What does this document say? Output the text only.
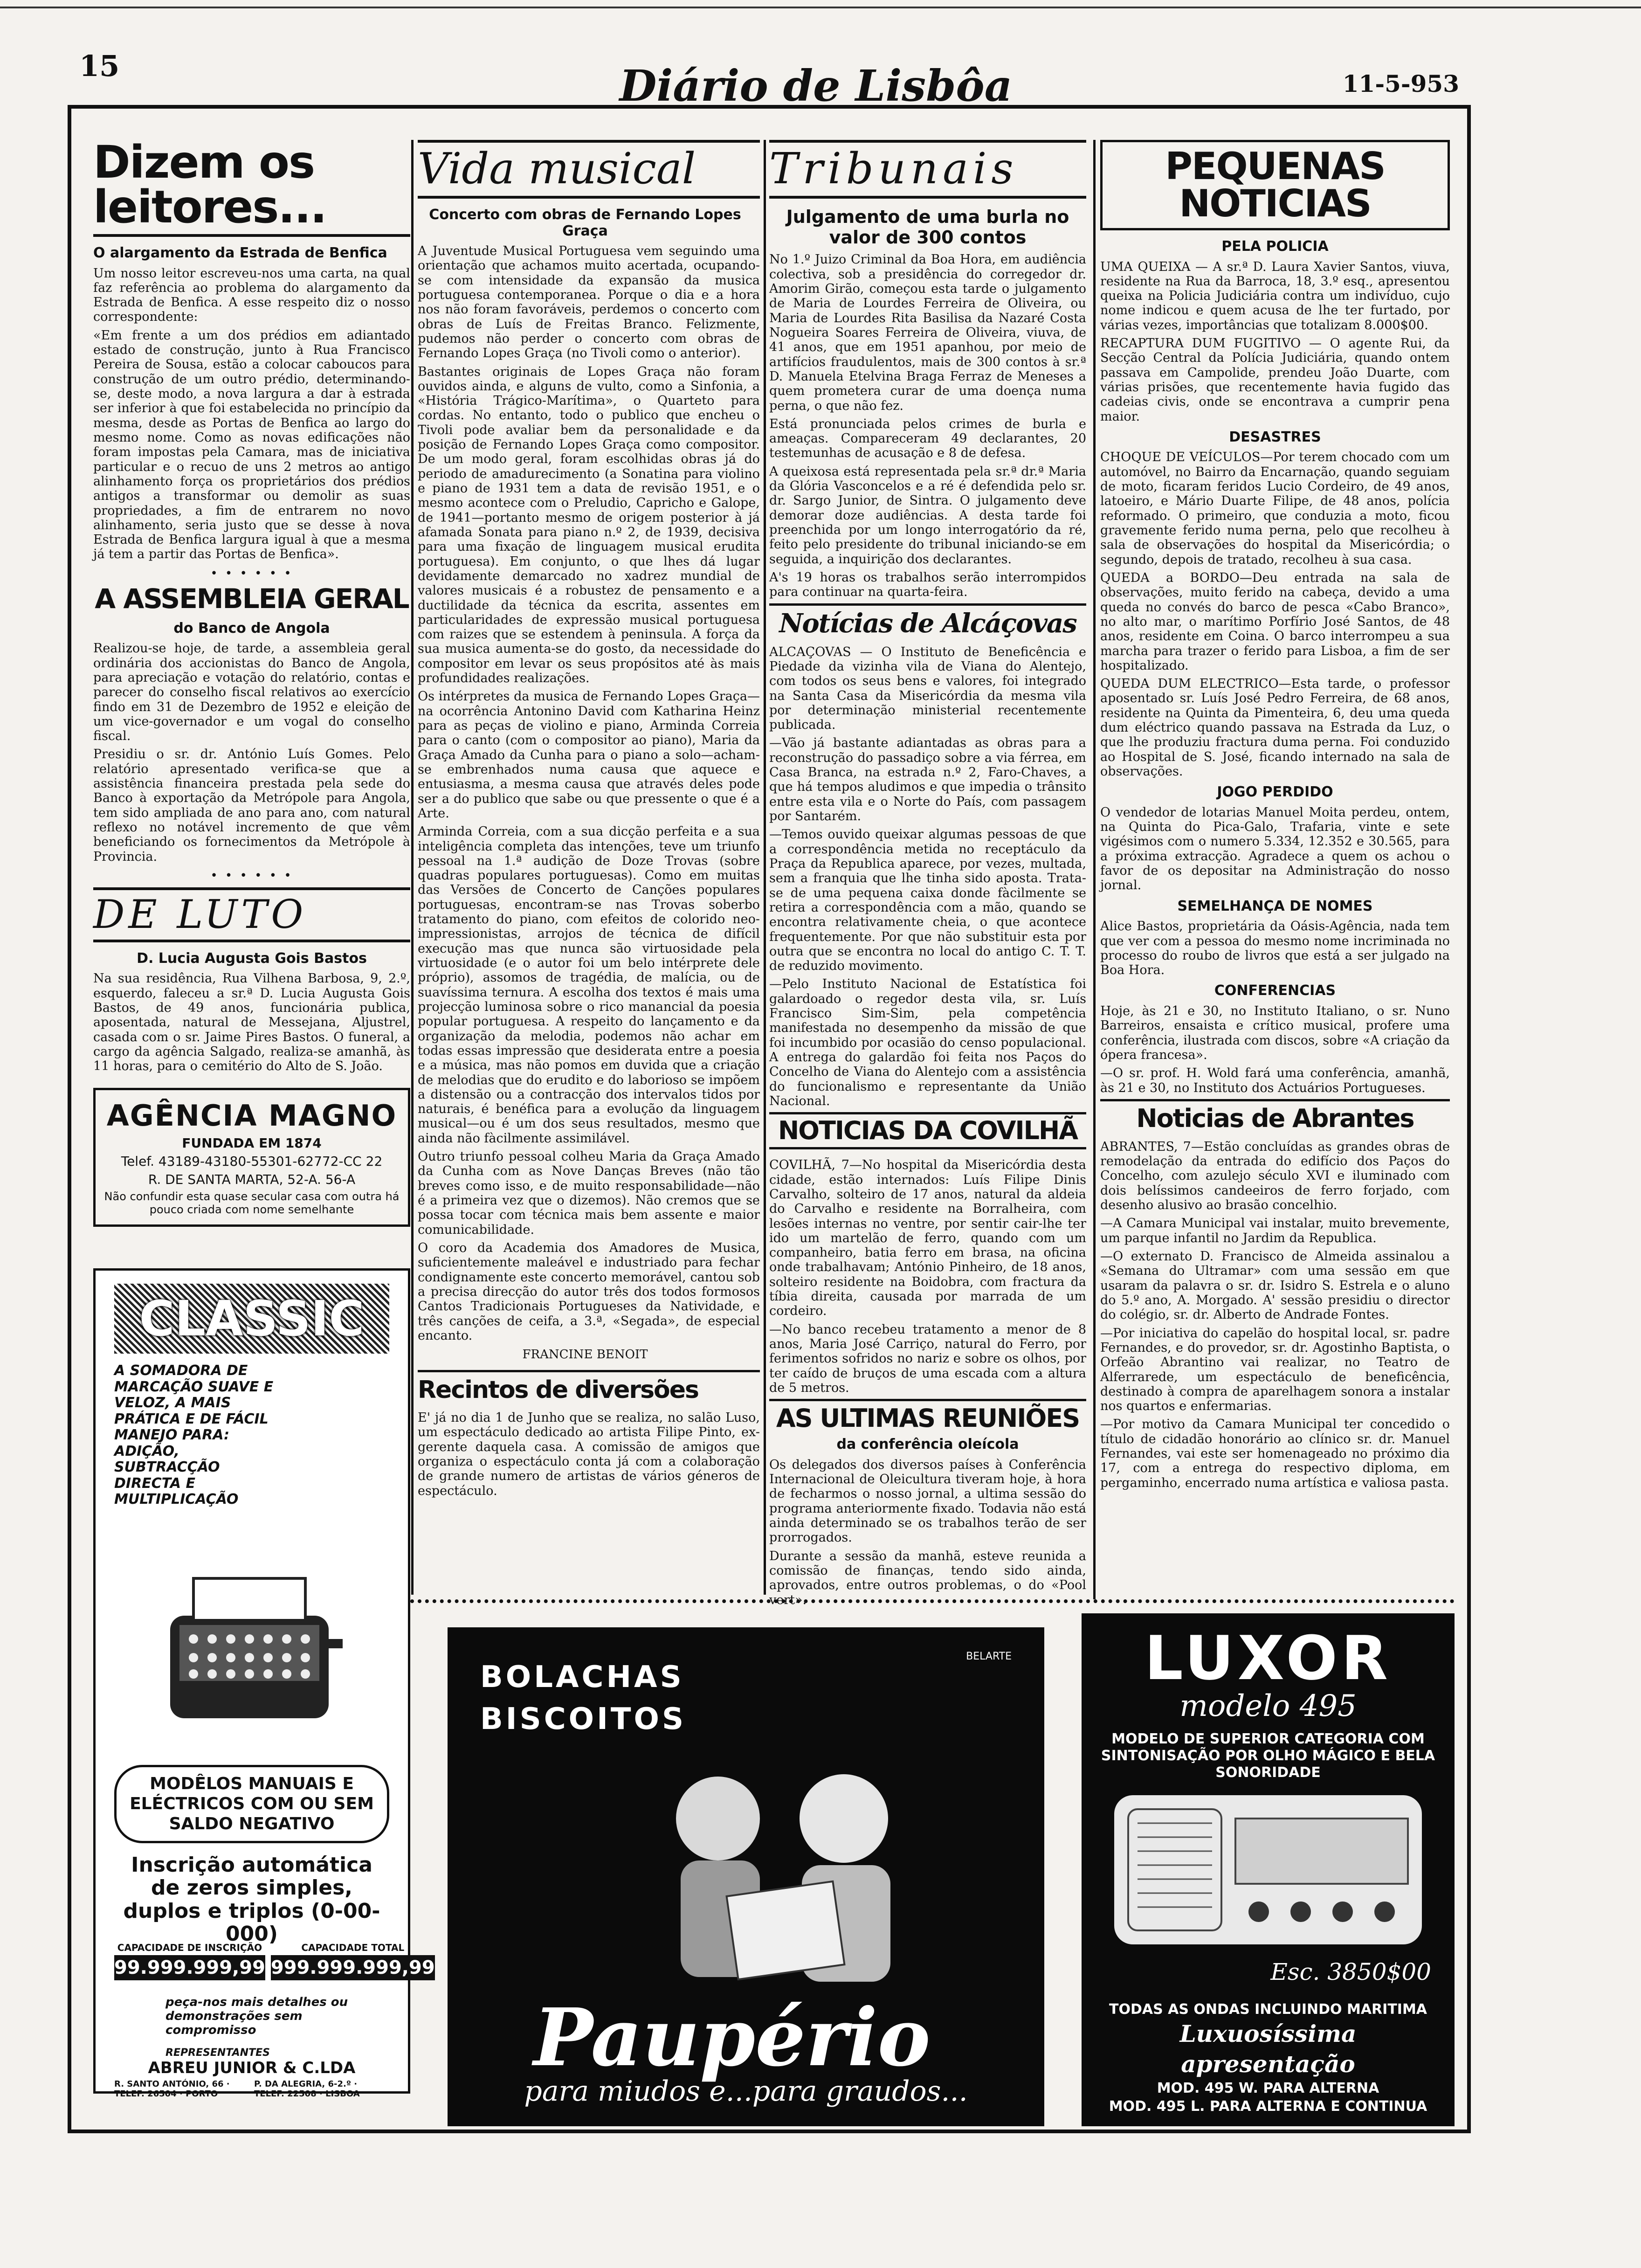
15	Diário de Lisbôa	11-5-953
Dizem os leitores...
O alargamento da Estrada de Benfica

Um nosso leitor escreveu-nos uma carta, na qual faz referência ao problema do alargamento da Estrada de Benfica. A esse respeito diz o nosso correspondente:

«Em frente a um dos prédios em adiantado estado de construção, junto à Rua Francisco Pereira de Sousa, estão a colocar caboucos para construção de um outro prédio, determinando-se, deste modo, a nova largura a dar à estrada ser inferior à que foi estabelecida no princípio da mesma, desde as Portas de Benfica ao largo do mesmo nome. Como as novas edificações não foram impostas pela Camara, mas de iniciativa particular e o recuo de uns 2 metros ao antigo alinhamento força os proprietários dos prédios antigos a transformar ou demolir as suas propriedades, a fim de entrarem no novo alinhamento, seria justo que se desse à nova Estrada de Benfica largura igual à que a mesma já tem a partir das Portas de Benfica».

• • • • • •
A ASSEMBLEIA GERAL
do Banco de Angola

Realizou-se hoje, de tarde, a assembleia geral ordinária dos accionistas do Banco de Angola, para apreciação e votação do relatório, contas e parecer do conselho fiscal relativos ao exercício findo em 31 de Dezembro de 1952 e eleição de um vice-governador e um vogal do conselho fiscal.

Presidiu o sr. dr. António Luís Gomes. Pelo relatório apresentado verifica-se que a assistência financeira prestada pela sede do Banco à exportação da Metrópole para Angola, tem sido ampliada de ano para ano, com natural reflexo no notável incremento de que vêm beneficiando os fornecimentos da Metrópole à Provincia.

• • • • • •
DE LUTO
D. Lucia Augusta Gois Bastos

Na sua residência, Rua Vilhena Barbosa, 9, 2.º, esquerdo, faleceu a sr.ª D. Lucia Augusta Gois Bastos, de 49 anos, funcionária publica, aposentada, natural de Messejana, Aljustrel, casada com o sr. Jaime Pires Bastos. O funeral, a cargo da agência Salgado, realiza-se amanhã, às 11 horas, para o cemitério do Alto de S. João.

AGÊNCIA MAGNO
FUNDADA EM 1874
Telef. 43189-43180-55301-62772-CC 22
R. DE SANTA MARTA, 52-A. 56-A
Não confundir esta quase secular casa com outra há pouco criada com nome semelhante
CLASSIC
A SOMADORA DE MARCAÇÃO SUAVE E VELOZ, A MAIS PRÁTICA E DE FÁCIL MANEJO PARA: ADIÇÃO, SUBTRACÇÃO DIRECTA E MULTIPLICAÇÃO
MODÊLOS MANUAIS E ELÉCTRICOS COM OU SEM SALDO NEGATIVO
Inscrição automática de zeros simples, duplos e triplos (0-00-000)
CAPACIDADE DE INSCRIÇÃO
99.999.999,99
CAPACIDADE TOTAL
999.999.999,99
peça-nos mais detalhes ou demonstrações sem compromisso
REPRESENTANTES
ABREU JUNIOR & C.LDA
R. SANTO ANTÓNIO, 66 · TELEF. 26504 · PORTO
P. DA ALEGRIA, 6-2.º · TELEF. 22508 · LISBOA
Vida musical
Concerto com obras de Fernando Lopes Graça

A Juventude Musical Portuguesa vem seguindo uma orientação que achamos muito acertada, ocupando-se com intensidade da expansão da musica portuguesa contemporanea. Porque o dia e a hora nos não foram favoráveis, perdemos o concerto com obras de Luís de Freitas Branco. Felizmente, pudemos não perder o concerto com obras de Fernando Lopes Graça (no Tivoli como o anterior).

Bastantes originais de Lopes Graça não foram ouvidos ainda, e alguns de vulto, como a Sinfonia, a «História Trágico-Marítima», o Quarteto para cordas. No entanto, todo o publico que encheu o Tivoli pode avaliar bem da personalidade e da posição de Fernando Lopes Graça como compositor. De um modo geral, foram escolhidas obras já do periodo de amadurecimento (a Sonatina para violino e piano de 1931 tem a data de revisão 1951, e o mesmo acontece com o Preludio, Capricho e Galope, de 1941—portanto mesmo de origem posterior à já afamada Sonata para piano n.º 2, de 1939, decisiva para uma fixação de linguagem musical erudita portuguesa). Em conjunto, o que lhes dá lugar devidamente demarcado no xadrez mundial de valores musicais é a robustez de pensamento e a ductilidade da técnica da escrita, assentes em particularidades de expressão musical portuguesa com raizes que se estendem à peninsula. A força da sua musica aumenta-se do gosto, da necessidade do compositor em levar os seus propósitos até às mais profundidades realizações.

Os intérpretes da musica de Fernando Lopes Graça—na ocorrência Antonino David com Katharina Heinz para as peças de violino e piano, Arminda Correia para o canto (com o compositor ao piano), Maria da Graça Amado da Cunha para o piano a solo—acham-se embrenhados numa causa que aquece e entusiasma, a mesma causa que através deles pode ser a do publico que sabe ou que pressente o que é a Arte.

Arminda Correia, com a sua dicção perfeita e a sua inteligência completa das intenções, teve um triunfo pessoal na 1.ª audição de Doze Trovas (sobre quadras populares portuguesas). Como em muitas das Versões de Concerto de Canções populares portuguesas, encontram-se nas Trovas soberbo tratamento do piano, com efeitos de colorido neo-impressionistas, arrojos de técnica de difícil execução mas que nunca são virtuosidade pela virtuosidade (e o autor foi um belo intérprete dele próprio), assomos de tragédia, de malícia, ou de suavíssima ternura. A escolha dos textos é mais uma projecção luminosa sobre o rico manancial da poesia popular portuguesa. A respeito do lançamento e da organização da melodia, podemos não achar em todas essas impressão que desiderata entre a poesia e a música, mas não pomos em duvida que a criação de melodias que do erudito e do laborioso se impõem a distensão ou a contracção dos intervalos tidos por naturais, é benéfica para a evolução da linguagem musical—ou é um dos seus resultados, mesmo que ainda não fàcilmente assimilável.

Outro triunfo pessoal colheu Maria da Graça Amado da Cunha com as Nove Danças Breves (não tão breves como isso, e de muito responsabilidade—não é a primeira vez que o dizemos). Não cremos que se possa tocar com técnica mais bem assente e maior comunicabilidade.

O coro da Academia dos Amadores de Musica, suficientemente maleável e industriado para fechar condignamente este concerto memorável, cantou sob a precisa direcção do autor três dos todos formosos Cantos Tradicionais Portugueses da Natividade, e três canções de ceifa, a 3.ª, «Segada», de especial encanto.

FRANCINE BENOIT
Recintos de diversões

E' já no dia 1 de Junho que se realiza, no salão Luso, um espectáculo dedicado ao artista Filipe Pinto, ex-gerente daquela casa. A comissão de amigos que organiza o espectáculo conta já com a colaboração de grande numero de artistas de vários géneros de espectáculo.

Tribunais
Julgamento de uma burla no valor de 300 contos

No 1.º Juizo Criminal da Boa Hora, em audiência colectiva, sob a presidência do corregedor dr. Amorim Girão, começou esta tarde o julgamento de Maria de Lourdes Ferreira de Oliveira, ou Maria de Lourdes Rita Basilisa da Nazaré Costa Nogueira Soares Ferreira de Oliveira, viuva, de 41 anos, que em 1951 apanhou, por meio de artifícios fraudulentos, mais de 300 contos à sr.ª D. Manuela Etelvina Braga Ferraz de Meneses a quem prometera curar de uma doença numa perna, o que não fez.

Está pronunciada pelos crimes de burla e ameaças. Compareceram 49 declarantes, 20 testemunhas de acusação e 8 de defesa.

A queixosa está representada pela sr.ª dr.ª Maria da Glória Vasconcelos e a ré é defendida pelo sr. dr. Sargo Junior, de Sintra. O julgamento deve demorar doze audiências. A desta tarde foi preenchida por um longo interrogatório da ré, feito pelo presidente do tribunal iniciando-se em seguida, a inquirição dos declarantes.

A's 19 horas os trabalhos serão interrompidos para continuar na quarta-feira.

Notícias de Alcáçovas

ALCAÇOVAS — O Instituto de Beneficência e Piedade da vizinha vila de Viana do Alentejo, com todos os seus bens e valores, foi integrado na Santa Casa da Misericórdia da mesma vila por determinação ministerial recentemente publicada.

—Vão já bastante adiantadas as obras para a reconstrução do passadiço sobre a via férrea, em Casa Branca, na estrada n.º 2, Faro-Chaves, a que há tempos aludimos e que impedia o trânsito entre esta vila e o Norte do País, com passagem por Santarém.

—Temos ouvido queixar algumas pessoas de que a correspondência metida no receptáculo da Praça da Republica aparece, por vezes, multada, sem a franquia que lhe tinha sido aposta. Trata-se de uma pequena caixa donde fàcilmente se retira a correspondência com a mão, quando se encontra relativamente cheia, o que acontece frequentemente. Por que não substituir esta por outra que se encontra no local do antigo C. T. T. de reduzido movimento.

—Pelo Instituto Nacional de Estatística foi galardoado o regedor desta vila, sr. Luís Francisco Sim-Sim, pela competência manifestada no desempenho da missão de que foi incumbido por ocasião do censo populacional. A entrega do galardão foi feita nos Paços do Concelho de Viana do Alentejo com a assistência do funcionalismo e representante da União Nacional.

NOTICIAS DA COVILHÃ

COVILHÃ, 7—No hospital da Misericórdia desta cidade, estão internados: Luís Filipe Dinis Carvalho, solteiro de 17 anos, natural da aldeia do Carvalho e residente na Borralheira, com lesões internas no ventre, por sentir cair-lhe ter ido um martelão de ferro, quando com um companheiro, batia ferro em brasa, na oficina onde trabalhavam; António Pinheiro, de 18 anos, solteiro residente na Boidobra, com fractura da tíbia direita, causada por marrada de um cordeiro.

—No banco recebeu tratamento a menor de 8 anos, Maria José Carriço, natural do Ferro, por ferimentos sofridos no nariz e sobre os olhos, por ter caído de bruços de uma escada com a altura de 5 metros.

AS ULTIMAS REUNIÕES
da conferência oleícola

Os delegados dos diversos países à Conferência Internacional de Oleicultura tiveram hoje, à hora de fecharmos o nosso jornal, a ultima sessão do programa anteriormente fixado. Todavia não está ainda determinado se os trabalhos terão de ser prorrogados.

Durante a sessão da manhã, esteve reunida a comissão de finanças, tendo sido ainda, aprovados, entre outros problemas, o do «Pool vert».

PEQUENAS NOTICIAS
PELA POLICIA

UMA QUEIXA — A sr.ª D. Laura Xavier Santos, viuva, residente na Rua da Barroca, 18, 3.º esq., apresentou queixa na Policia Judiciária contra um indivíduo, cujo nome indicou e quem acusa de lhe ter furtado, por várias vezes, importâncias que totalizam 8.000$00.

RECAPTURA DUM FUGITIVO — O agente Rui, da Secção Central da Polícia Judiciária, quando ontem passava em Campolide, prendeu João Duarte, com várias prisões, que recentemente havia fugido das cadeias civis, onde se encontrava a cumprir pena maior.

DESASTRES

CHOQUE DE VEÍCULOS—Por terem chocado com um automóvel, no Bairro da Encarnação, quando seguiam de moto, ficaram feridos Lucio Cordeiro, de 49 anos, latoeiro, e Mário Duarte Filipe, de 48 anos, polícia reformado. O primeiro, que conduzia a moto, ficou gravemente ferido numa perna, pelo que recolheu à sala de observações do hospital da Misericórdia; o segundo, depois de tratado, recolheu à sua casa.

QUEDA a BORDO—Deu entrada na sala de observações, muito ferido na cabeça, devido a uma queda no convés do barco de pesca «Cabo Branco», no alto mar, o marítimo Porfírio José Santos, de 48 anos, residente em Coina. O barco interrompeu a sua marcha para trazer o ferido para Lisboa, a fim de ser hospitalizado.

QUEDA DUM ELECTRICO—Esta tarde, o professor aposentado sr. Luís José Pedro Ferreira, de 68 anos, residente na Quinta da Pimenteira, 6, deu uma queda dum eléctrico quando passava na Estrada da Luz, o que lhe produziu fractura duma perna. Foi conduzido ao Hospital de S. José, ficando internado na sala de observações.

JOGO PERDIDO

O vendedor de lotarias Manuel Moita perdeu, ontem, na Quinta do Pica-Galo, Trafaria, vinte e sete vigésimos com o numero 5.334, 12.352 e 30.565, para a próxima extracção. Agradece a quem os achou o favor de os depositar na Administração do nosso jornal.

SEMELHANÇA DE NOMES

Alice Bastos, proprietária da Oásis-Agência, nada tem que ver com a pessoa do mesmo nome incriminada no processo do roubo de livros que está a ser julgado na Boa Hora.

CONFERENCIAS

Hoje, às 21 e 30, no Instituto Italiano, o sr. Nuno Barreiros, ensaista e crítico musical, profere uma conferência, ilustrada com discos, sobre «A criação da ópera francesa».

—O sr. prof. H. Wold fará uma conferência, amanhã, às 21 e 30, no Instituto dos Actuários Portugueses.

Noticias de Abrantes

ABRANTES, 7—Estão concluídas as grandes obras de remodelação da entrada do edifício dos Paços do Concelho, com azulejo século XVI e iluminado com dois belíssimos candeeiros de ferro forjado, com desenho alusivo ao brasão concelhio.

—A Camara Municipal vai instalar, muito brevemente, um parque infantil no Jardim da Republica.

—O externato D. Francisco de Almeida assinalou a «Semana do Ultramar» com uma sessão em que usaram da palavra o sr. dr. Isidro S. Estrela e o aluno do 5.º ano, A. Morgado. A' sessão presidiu o director do colégio, sr. dr. Alberto de Andrade Fontes.

—Por iniciativa do capelão do hospital local, sr. padre Fernandes, e do provedor, sr. dr. Agostinho Baptista, o Orfeão Abrantino vai realizar, no Teatro de Alferrarede, um espectáculo de beneficência, destinado à compra de aparelhagem sonora a instalar nos quartos e enfermarias.

—Por motivo da Camara Municipal ter concedido o título de cidadão honorário ao clínico sr. dr. Manuel Fernandes, vai este ser homenageado no próximo dia 17, com a entrega do respectivo diploma, em pergaminho, encerrado numa artística e valiosa pasta.

BOLACHAS
BISCOITOS
BELARTE
Paupério
para miudos e...para graudos...
LUXOR
modelo 495
MODELO DE SUPERIOR CATEGORIA COM SINTONISAÇÃO POR OLHO MÁGICO E BELA SONORIDADE
Esc. 3850$00
TODAS AS ONDAS INCLUINDO MARITIMA
Luxuosíssima apresentação
MOD. 495 W. PARA ALTERNA
MOD. 495 L. PARA ALTERNA E CONTINUA
